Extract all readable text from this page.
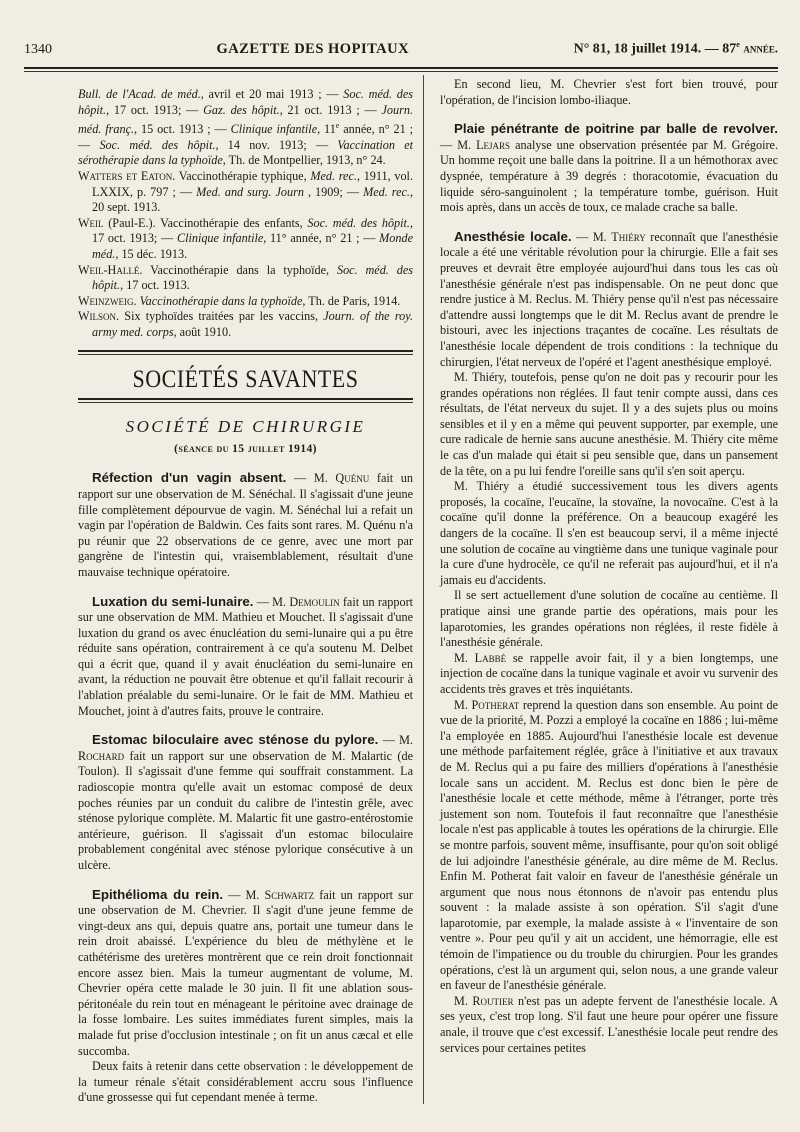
1340	GAZETTE DES HOPITAUX	N° 81, 18 juillet 1914. — 87e année.

Bull. de l'Acad. de méd., avril et 20 mai 1913 ; — Soc. méd. des hôpit., 17 oct. 1913; — Gaz. des hôpit., 21 oct. 1913 ; — Journ. méd. franç., 15 oct. 1913 ; — Clinique infantile, 11e année, n° 21 ; — Soc. méd. des hôpit., 14 nov. 1913; — Vaccination et sérothérapie dans la typhoïde, Th. de Montpellier, 1913, n° 24.

Watters et Eaton. Vaccinothérapie typhique, Med. rec., 1911, vol. LXXIX, p. 797 ; — Med. and surg. Journ , 1909; — Med. rec., 20 sept. 1913.

Weil (Paul-E.). Vaccinothérapie des enfants, Soc. méd. des hôpit., 17 oct. 1913; — Clinique infantile, 11° année, n° 21 ; — Monde méd., 15 déc. 1913.

Weil-Hallé. Vaccinothérapie dans la typhoïde, Soc. méd. des hôpit., 17 oct. 1913.

Weinzweig. Vaccinothérapie dans la typhoïde, Th. de Paris, 1914.

Wilson. Six typhoïdes traitées par les vaccins, Journ. of the roy. army med. corps, août 1910.

SOCIÉTÉS SAVANTES
SOCIÉTÉ DE CHIRURGIE
(séance du 15 juillet 1914)

Réfection d'un vagin absent. — M. Quénu fait un rapport sur une observation de M. Sénéchal. Il s'agissait d'une jeune fille complètement dépourvue de vagin. M. Sénéchal lui a refait un vagin par l'opération de Baldwin. Ces faits sont rares. M. Quénu n'a pu réunir que 22 observations de ce genre, avec une mort par gangrène de l'intestin qui, vraisemblablement, résultait d'une mauvaise technique opératoire.

Luxation du semi-lunaire. — M. Demoulin fait un rapport sur une observation de MM. Mathieu et Mouchet. Il s'agissait d'une luxation du grand os avec énucléation du semi-lunaire qui a pu être réduite sans opération, contrairement à ce qu'a soutenu M. Delbet qui a écrit que, quand il y avait énucléation du semi-lunaire en avant, la réduction ne pouvait être obtenue et qu'il fallait recourir à l'ablation préalable du semi-lunaire. Or le fait de MM. Mathieu et Mouchet, joint à d'autres faits, prouve le contraire.

Estomac biloculaire avec sténose du pylore. — M. Rochard fait un rapport sur une observation de M. Malartic (de Toulon). Il s'agissait d'une femme qui souffrait constamment. La radioscopie montra qu'elle avait un estomac composé de deux poches réunies par un conduit du calibre de l'intestin grêle, avec sténose pylorique complète. M. Malartic fit une gastro-entérostomie antérieure, guérison. Il s'agissait d'un estomac biloculaire probablement congénital avec sténose pylorique consécutive à un ulcère.

Epithélioma du rein. — M. Schwartz fait un rapport sur une observation de M. Chevrier. Il s'agit d'une jeune femme de vingt-deux ans qui, depuis quatre ans, portait une tumeur dans le rein droit abaissé. L'expérience du bleu de méthylène et le cathétérisme des uretères montrèrent que ce rein droit fonctionnait encore assez bien. Mais la tumeur augmentant de volume, M. Chevrier opéra cette malade le 30 juin. Il fit une ablation sous-péritonéale du rein tout en ménageant le péritoine avec drainage de la fosse lombaire. Les suites immédiates furent simples, mais la malade fut prise d'occlusion intestinale ; on fit un anus cæcal et elle succomba.

Deux faits à retenir dans cette observation : le développement de la tumeur rénale s'était considérablement accru sous l'influence d'une grossesse qui fut cependant menée à terme.

En second lieu, M. Chevrier s'est fort bien trouvé, pour l'opération, de l'incision lombo-iliaque.

Plaie pénétrante de poitrine par balle de revolver. — M. Lejars analyse une observation présentée par M. Grégoire. Un homme reçoit une balle dans la poitrine. Il a un hémothorax avec dyspnée, température à 39 degrés : thoracotomie, évacuation du liquide séro-sanguinolent ; la température tombe, guérison. Huit mois après, dans un accès de toux, ce malade crache sa balle.

Anesthésie locale. — M. Thiéry reconnaît que l'anesthésie locale a été une véritable révolution pour la chirurgie. Elle a fait ses preuves et devrait être employée aujourd'hui dans tous les cas où l'anesthésie générale n'est pas indispensable. On ne peut donc que rendre justice à M. Reclus. M. Thiéry pense qu'il n'est pas nécessaire d'attendre aussi longtemps que le dit M. Reclus avant de prendre le bistouri, avec les injections traçantes de cocaïne. Les résultats de l'anesthésie locale dépendent de trois conditions : la technique du chirurgien, l'état nerveux de l'opéré et l'agent anesthésique employé.

M. Thiéry, toutefois, pense qu'on ne doit pas y recourir pour les grandes opérations non réglées. Il faut tenir compte aussi, dans ces résultats, de l'état nerveux du sujet. Il y a des sujets plus ou moins sensibles et il y en a même qui peuvent supporter, par exemple, une cure radicale de hernie sans aucune anesthésie. M. Thiéry cite même le cas d'un malade qui était si peu sensible que, dans un pansement de la tête, on a pu lui fendre l'oreille sans qu'il s'en soit aperçu.

M. Thiéry a étudié successivement tous les divers agents proposés, la cocaïne, l'eucaïne, la stovaïne, la novocaïne. C'est à la cocaïne qu'il donne la préférence. On a beaucoup exagéré les dangers de la cocaïne. Il s'en est beaucoup servi, il a même injecté une solution de cocaïne au vingtième dans une tunique vaginale pour la cure d'une hydrocèle, ce qu'il ne referait pas aujourd'hui, et il n'a jamais eu d'accidents.

Il se sert actuellement d'une solution de cocaïne au centième. Il pratique ainsi une grande partie des opérations, mais pour les laparotomies, les grandes opérations non réglées, il reste fidèle à l'anesthésie générale.

M. Labbé se rappelle avoir fait, il y a bien longtemps, une injection de cocaïne dans la tunique vaginale et avoir vu survenir des accidents très graves et très inquiétants.

M. Potherat reprend la question dans son ensemble. Au point de vue de la priorité, M. Pozzi a employé la cocaïne en 1886 ; lui-même l'a employée en 1885. Aujourd'hui l'anesthésie locale est devenue une méthode parfaitement réglée, grâce à l'initiative et aux travaux de M. Reclus qui a pu faire des milliers d'opérations à l'anesthésie locale sans un accident. M. Reclus est donc bien le père de l'anesthésie locale et cette méthode, même à l'étranger, porte très justement son nom. Toutefois il faut reconnaître que l'anesthésie locale n'est pas applicable à toutes les opérations de la chirurgie. Elle se montre parfois, souvent même, insuffisante, pour qu'on soit obligé de lui adjoindre l'anesthésie générale, au dire même de M. Reclus. Enfin M. Potherat fait valoir en faveur de l'anesthésie générale un argument que nous nous étonnons de n'avoir pas entendu plus souvent : la malade assiste à son opération. S'il s'agit d'une laparotomie, par exemple, la malade assiste à « l'inventaire de son ventre ». Pour peu qu'il y ait un accident, une hémorragie, elle est témoin de l'impatience ou du trouble du chirurgien. Pour les grandes opérations, c'est là un argument qui, selon nous, a une grande valeur en faveur de l'anesthésie générale.

M. Routier n'est pas un adepte fervent de l'anesthésie locale. A ses yeux, c'est trop long. S'il faut une heure pour opérer une fissure anale, il trouve que c'est excessif. L'anesthésie locale peut rendre des services pour certaines petites
